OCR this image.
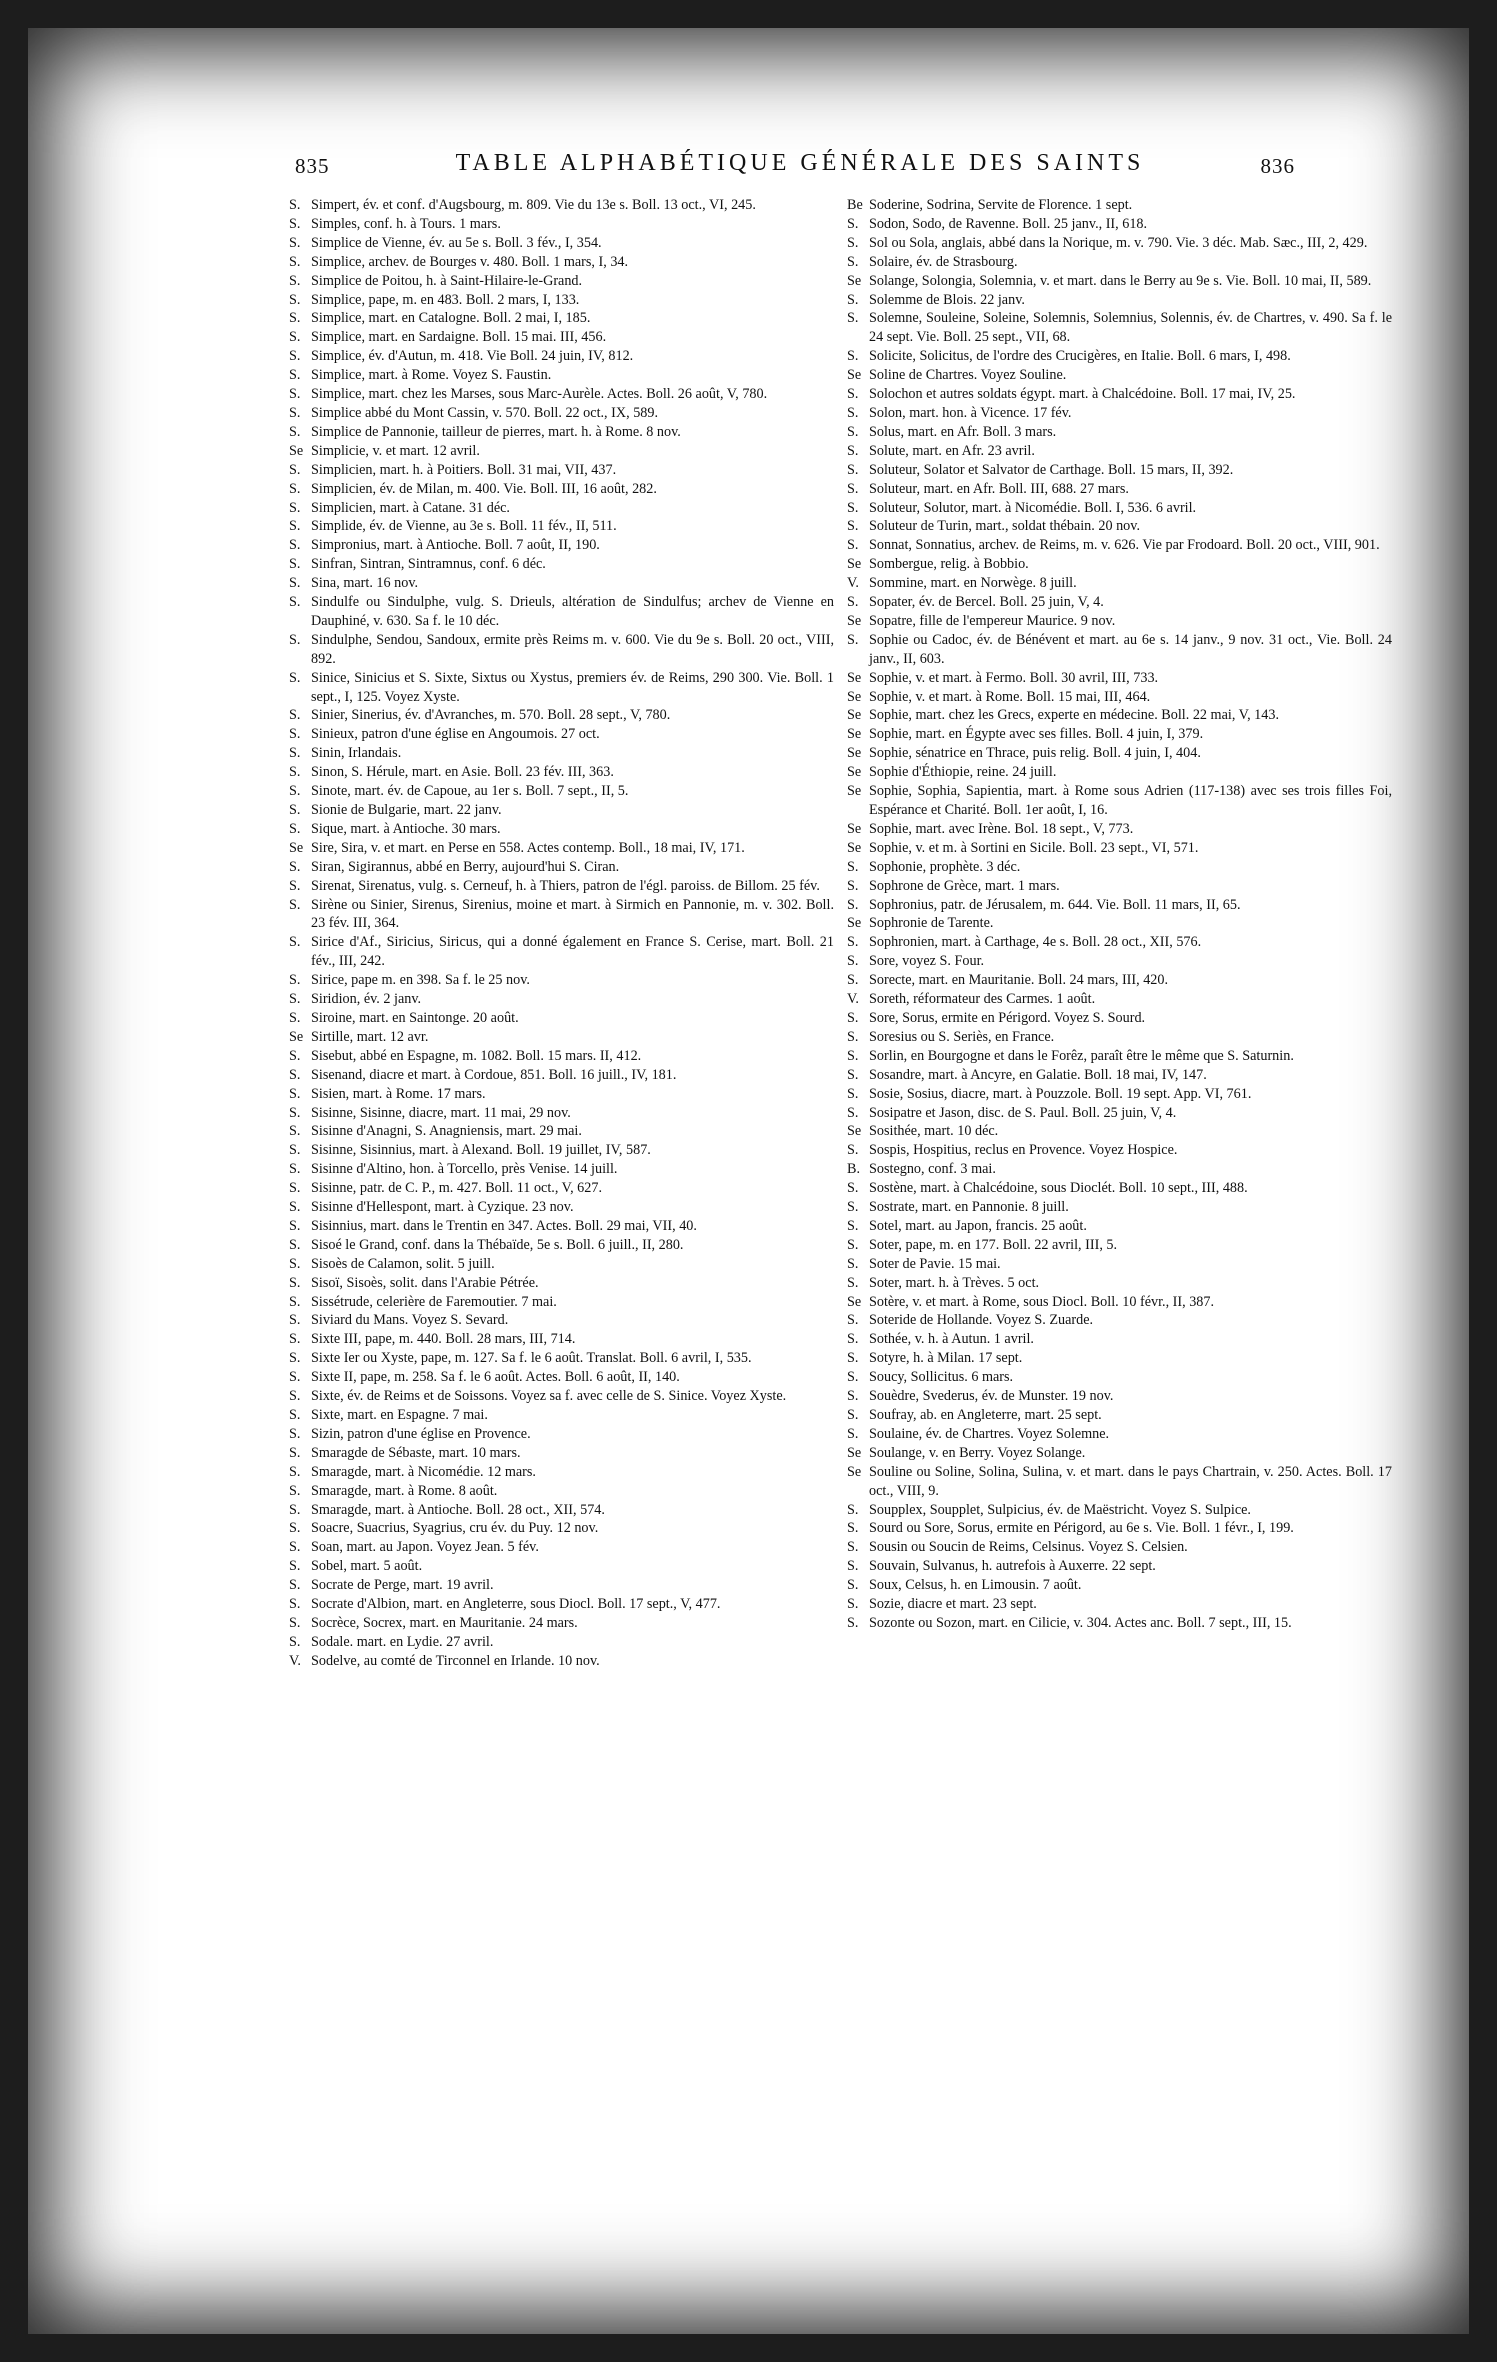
835	TABLE ALPHABÉTIQUE GÉNÉRALE DES SAINTS	836
S. Simpert, év. et conf. d'Augsbourg, m. 809. Vie du 13e s. Boll. 13 oct., VI, 245.
S. Simples, conf. h. à Tours. 1 mars.
S. Simplice de Vienne, év. au 5e s. Boll. 3 fév., I, 354.
S. Simplice, archev. de Bourges v. 480. Boll. 1 mars, I, 34.
S. Simplice de Poitou, h. à Saint-Hilaire-le-Grand.
S. Simplice, pape, m. en 483. Boll. 2 mars, I, 133.
S. Simplice, mart. en Catalogne. Boll. 2 mai, I, 185.
S. Simplice, mart. en Sardaigne. Boll. 15 mai. III, 456.
S. Simplice, év. d'Autun, m. 418. Vie Boll. 24 juin, IV, 812.
S. Simplice, mart. à Rome. Voyez S. Faustin.
S. Simplice, mart. chez les Marses, sous Marc-Aurèle. Actes. Boll. 26 août, V, 780.
S. Simplice abbé du Mont Cassin, v. 570. Boll. 22 oct., IX, 589.
S. Simplice de Pannonie, tailleur de pierres, mart. h. à Rome. 8 nov.
Se Simplicie, v. et mart. 12 avril.
S. Simplicien, mart. h. à Poitiers. Boll. 31 mai, VII, 437.
S. Simplicien, év. de Milan, m. 400. Vie. Boll. III, 16 août, 282.
S. Simplicien, mart. à Catane. 31 déc.
S. Simplide, év. de Vienne, au 3e s. Boll. 11 fév., II, 511.
S. Simpronius, mart. à Antioche. Boll. 7 août, II, 190.
S. Sinfran, Sintran, Sintramnus, conf. 6 déc.
S. Sina, mart. 16 nov.
S. Sindulfe ou Sindulphe, vulg. S. Drieuls, altération de Sindulfus; archev de Vienne en Dauphiné, v. 630. Sa f. le 10 déc.
S. Sindulphe, Sendou, Sandoux, ermite près Reims m. v. 600. Vie du 9e s. Boll. 20 oct., VIII, 892.
S. Sinice, Sinicius et S. Sixte, Sixtus ou Xystus, premiers év. de Reims, 290 300. Vie. Boll. 1 sept., I, 125. Voyez Xyste.
S. Sinier, Sinerius, év. d'Avranches, m. 570. Boll. 28 sept., V, 780.
S. Sinieux, patron d'une église en Angoumois. 27 oct.
S. Sinin, Irlandais.
S. Sinon, S. Hérule, mart. en Asie. Boll. 23 fév. III, 363.
S. Sinote, mart. év. de Capoue, au 1er s. Boll. 7 sept., II, 5.
S. Sionie de Bulgarie, mart. 22 janv.
S. Sique, mart. à Antioche. 30 mars.
Se Sire, Sira, v. et mart. en Perse en 558. Actes contemp. Boll., 18 mai, IV, 171.
S. Siran, Sigirannus, abbé en Berry, aujourd'hui S. Ciran.
S. Sirenat, Sirenatus, vulg. s. Cerneuf, h. à Thiers, patron de l'égl. paroiss. de Billom. 25 fév.
S. Sirène ou Sinier, Sirenus, Sirenius, moine et mart. à Sirmich en Pannonie, m. v. 302. Boll. 23 fév. III, 364.
S. Sirice d'Af., Siricius, Siricus, qui a donné également en France S. Cerise, mart. Boll. 21 fév., III, 242.
S. Sirice, pape m. en 398. Sa f. le 25 nov.
S. Siridion, év. 2 janv.
S. Siroine, mart. en Saintonge. 20 août.
Se Sirtille, mart. 12 avr.
S. Sisebut, abbé en Espagne, m. 1082. Boll. 15 mars. II, 412.
S. Sisenand, diacre et mart. à Cordoue, 851. Boll. 16 juill., IV, 181.
S. Sisien, mart. à Rome. 17 mars.
S. Sisinne, Sisinne, diacre, mart. 11 mai, 29 nov.
S. Sisinne d'Anagni, S. Anagniensis, mart. 29 mai.
S. Sisinne, Sisinnius, mart. à Alexand. Boll. 19 juillet, IV, 587.
S. Sisinne d'Altino, hon. à Torcello, près Venise. 14 juill.
S. Sisinne, patr. de C. P., m. 427. Boll. 11 oct., V, 627.
S. Sisinne d'Hellespont, mart. à Cyzique. 23 nov.
S. Sisinnius, mart. dans le Trentin en 347. Actes. Boll. 29 mai, VII, 40.
S. Sisoé le Grand, conf. dans la Thébaïde, 5e s. Boll. 6 juill., II, 280.
S. Sisoès de Calamon, solit. 5 juill.
S. Sisoï, Sisoès, solit. dans l'Arabie Pétrée.
S. Sissétrude, celerière de Faremoutier. 7 mai.
S. Siviard du Mans. Voyez S. Sevard.
S. Sixte III, pape, m. 440. Boll. 28 mars, III, 714.
S. Sixte Ier ou Xyste, pape, m. 127. Sa f. le 6 août. Translat. Boll. 6 avril, I, 535.
S. Sixte II, pape, m. 258. Sa f. le 6 août. Actes. Boll. 6 août, II, 140.
S. Sixte, év. de Reims et de Soissons. Voyez sa f. avec celle de S. Sinice. Voyez Xyste.
S. Sixte, mart. en Espagne. 7 mai.
S. Sizin, patron d'une église en Provence.
S. Smaragde de Sébaste, mart. 10 mars.
S. Smaragde, mart. à Nicomédie. 12 mars.
S. Smaragde, mart. à Rome. 8 août.
S. Smaragde, mart. à Antioche. Boll. 28 oct., XII, 574.
S. Soacre, Suacrius, Syagrius, cru év. du Puy. 12 nov.
S. Soan, mart. au Japon. Voyez Jean. 5 fév.
S. Sobel, mart. 5 août.
S. Socrate de Perge, mart. 19 avril.
S. Socrate d'Albion, mart. en Angleterre, sous Diocl. Boll. 17 sept., V, 477.
S. Socrèce, Socrex, mart. en Mauritanie. 24 mars.
S. Sodale. mart. en Lydie. 27 avril.
V. Sodelve, au comté de Tirconnel en Irlande. 10 nov.
Be Soderine, Sodrina, Servite de Florence. 1 sept.
S. Sodon, Sodo, de Ravenne. Boll. 25 janv., II, 618.
S. Sol ou Sola, anglais, abbé dans la Norique, m. v. 790. Vie. 3 déc. Mab. Sæc., III, 2, 429.
S. Solaire, év. de Strasbourg.
Se Solange, Solongia, Solemnia, v. et mart. dans le Berry au 9e s. Vie. Boll. 10 mai, II, 589.
S. Solemme de Blois. 22 janv.
S. Solemne, Souleine, Soleine, Solemnis, Solemnius, Solennis, év. de Chartres, v. 490. Sa f. le 24 sept. Vie. Boll. 25 sept., VII, 68.
S. Solicite, Solicitus, de l'ordre des Crucigères, en Italie. Boll. 6 mars, I, 498.
Se Soline de Chartres. Voyez Souline.
S. Solochon et autres soldats égypt. mart. à Chalcédoine. Boll. 17 mai, IV, 25.
S. Solon, mart. hon. à Vicence. 17 fév.
S. Solus, mart. en Afr. Boll. 3 mars.
S. Solute, mart. en Afr. 23 avril.
S. Soluteur, Solator et Salvator de Carthage. Boll. 15 mars, II, 392.
S. Soluteur, mart. en Afr. Boll. III, 688. 27 mars.
S. Soluteur, Solutor, mart. à Nicomédie. Boll. I, 536. 6 avril.
S. Soluteur de Turin, mart., soldat thébain. 20 nov.
S. Sonnat, Sonnatius, archev. de Reims, m. v. 626. Vie par Frodoard. Boll. 20 oct., VIII, 901.
Se Sombergue, relig. à Bobbio.
V. Sommine, mart. en Norwège. 8 juill.
S. Sopater, év. de Bercel. Boll. 25 juin, V, 4.
Se Sopatre, fille de l'empereur Maurice. 9 nov.
S. Sophie ou Cadoc, év. de Bénévent et mart. au 6e s. 14 janv., 9 nov. 31 oct., Vie. Boll. 24 janv., II, 603.
Se Sophie, v. et mart. à Fermo. Boll. 30 avril, III, 733.
Se Sophie, v. et mart. à Rome. Boll. 15 mai, III, 464.
Se Sophie, mart. chez les Grecs, experte en médecine. Boll. 22 mai, V, 143.
Se Sophie, mart. en Égypte avec ses filles. Boll. 4 juin, I, 379.
Se Sophie, sénatrice en Thrace, puis relig. Boll. 4 juin, I, 404.
Se Sophie d'Éthiopie, reine. 24 juill.
Se Sophie, Sophia, Sapientia, mart. à Rome sous Adrien (117-138) avec ses trois filles Foi, Espérance et Charité. Boll. 1er août, I, 16.
Se Sophie, mart. avec Irène. Bol. 18 sept., V, 773.
Se Sophie, v. et m. à Sortini en Sicile. Boll. 23 sept., VI, 571.
S. Sophonie, prophète. 3 déc.
S. Sophrone de Grèce, mart. 1 mars.
S. Sophronius, patr. de Jérusalem, m. 644. Vie. Boll. 11 mars, II, 65.
Se Sophronie de Tarente.
S. Sophronien, mart. à Carthage, 4e s. Boll. 28 oct., XII, 576.
S. Sore, voyez S. Four.
S. Sorecte, mart. en Mauritanie. Boll. 24 mars, III, 420.
V. Soreth, réformateur des Carmes. 1 août.
S. Sore, Sorus, ermite en Périgord. Voyez S. Sourd.
S. Soresius ou S. Seriès, en France.
S. Sorlin, en Bourgogne et dans le Forêz, paraît être le même que S. Saturnin.
S. Sosandre, mart. à Ancyre, en Galatie. Boll. 18 mai, IV, 147.
S. Sosie, Sosius, diacre, mart. à Pouzzole. Boll. 19 sept. App. VI, 761.
S. Sosipatre et Jason, disc. de S. Paul. Boll. 25 juin, V, 4.
Se Sosithée, mart. 10 déc.
S. Sospis, Hospitius, reclus en Provence. Voyez Hospice.
B. Sostegno, conf. 3 mai.
S. Sostène, mart. à Chalcédoine, sous Dioclét. Boll. 10 sept., III, 488.
S. Sostrate, mart. en Pannonie. 8 juill.
S. Sotel, mart. au Japon, francis. 25 août.
S. Soter, pape, m. en 177. Boll. 22 avril, III, 5.
S. Soter de Pavie. 15 mai.
S. Soter, mart. h. à Trèves. 5 oct.
Se Sotère, v. et mart. à Rome, sous Diocl. Boll. 10 févr., II, 387.
S. Soteride de Hollande. Voyez S. Zuarde.
S. Sothée, v. h. à Autun. 1 avril.
S. Sotyre, h. à Milan. 17 sept.
S. Soucy, Sollicitus. 6 mars.
S. Souèdre, Svederus, év. de Munster. 19 nov.
S. Soufray, ab. en Angleterre, mart. 25 sept.
S. Soulaine, év. de Chartres. Voyez Solemne.
Se Soulange, v. en Berry. Voyez Solange.
Se Souline ou Soline, Solina, Sulina, v. et mart. dans le pays Chartrain, v. 250. Actes. Boll. 17 oct., VIII, 9.
S. Soupplex, Soupplet, Sulpicius, év. de Maëstricht. Voyez S. Sulpice.
S. Sourd ou Sore, Sorus, ermite en Périgord, au 6e s. Vie. Boll. 1 févr., I, 199.
S. Sousin ou Soucin de Reims, Celsinus. Voyez S. Celsien.
S. Souvain, Sulvanus, h. autrefois à Auxerre. 22 sept.
S. Soux, Celsus, h. en Limousin. 7 août.
S. Sozie, diacre et mart. 23 sept.
S. Sozonte ou Sozon, mart. en Cilicie, v. 304. Actes anc. Boll. 7 sept., III, 15.
